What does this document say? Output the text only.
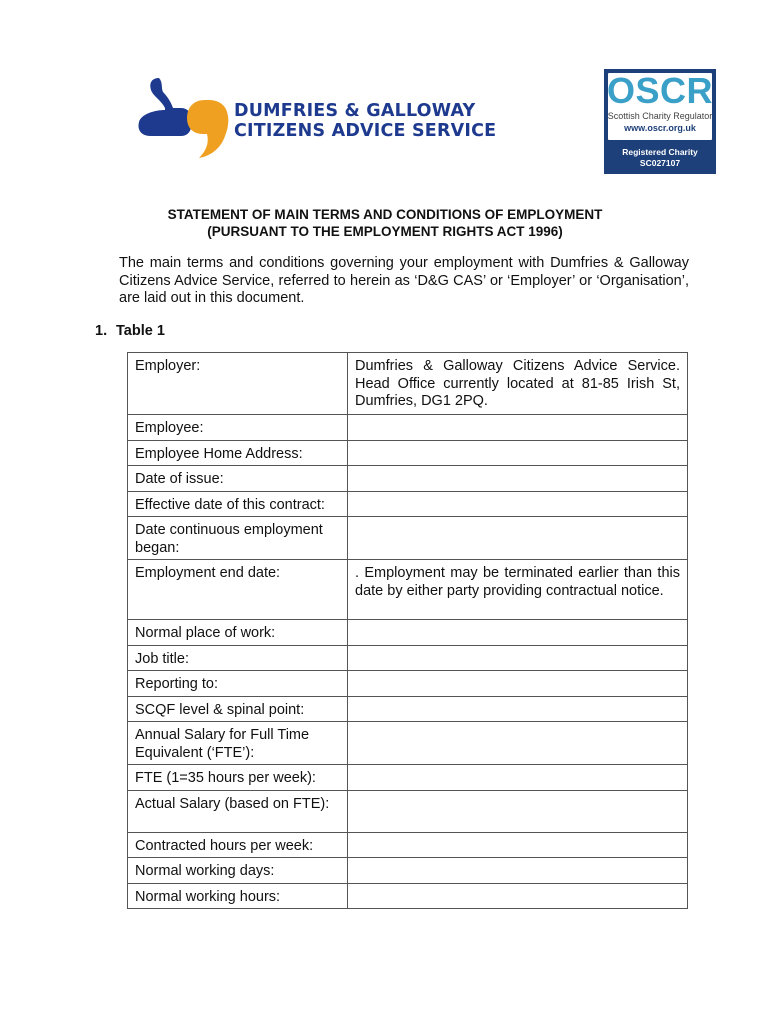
DUMFRIES & GALLOWAY
CITIZENS ADVICE SERVICE
OSCR
Scottish Charity Regulator
www.oscr.org.uk
Registered Charity
SC027107
STATEMENT OF MAIN TERMS AND CONDITIONS OF EMPLOYMENT
(PURSUANT TO THE EMPLOYMENT RIGHTS ACT 1996)
The main terms and conditions governing your employment with Dumfries & Galloway Citizens Advice Service, referred to herein as ‘D&G CAS’ or ‘Employer’ or ‘Organisation’, are laid out in this document.
1. Table 1
Employer:	Dumfries & Galloway Citizens Advice Service. Head Office currently located at 81-85 Irish St, Dumfries, DG1 2PQ.
Employee:	
Employee Home Address:	
Date of issue:	
Effective date of this contract:	
Date continuous employment began:	
Employment end date:	. Employment may be terminated earlier than this date by either party providing contractual notice.
Normal place of work:	
Job title:	
Reporting to:	
SCQF level & spinal point:	
Annual Salary for Full Time Equivalent (‘FTE’):	
FTE (1=35 hours per week):	
Actual Salary (based on FTE):	
Contracted hours per week:	
Normal working days:	
Normal working hours:	
